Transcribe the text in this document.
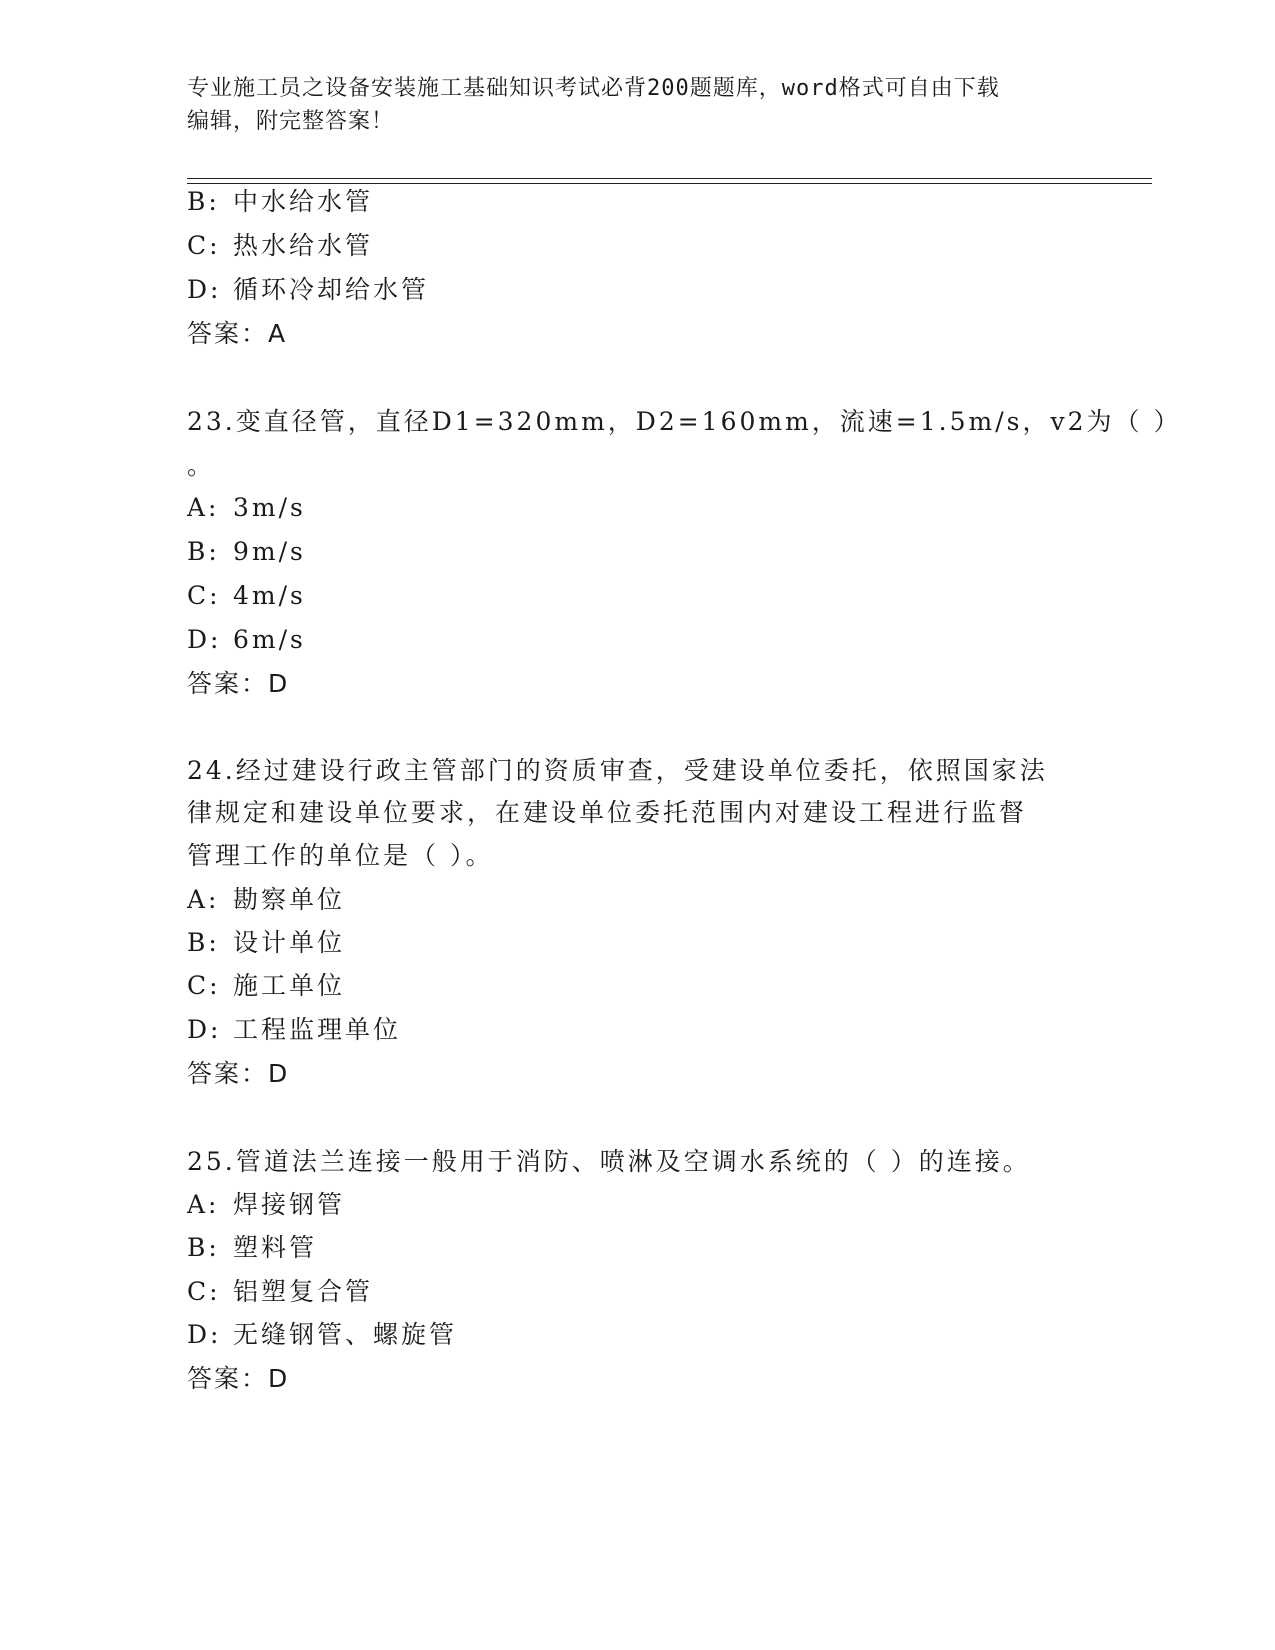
专业施工员之设备安装施工基础知识考试必背200题题库，word格式可自由下载
编辑，附完整答案！
B: 中水给水管
C: 热水给水管
D: 循环冷却给水管
答案：A
23.变直径管，直径D1=320mm，D2=160mm，流速=1.5m/s，v2为（ ）
。
A: 3m/s
B: 9m/s
C: 4m/s
D: 6m/s
答案：D
24.经过建设行政主管部门的资质审查，受建设单位委托，依照国家法
律规定和建设单位要求，在建设单位委托范围内对建设工程进行监督
管理工作的单位是（ ）。
A: 勘察单位
B: 设计单位
C: 施工单位
D: 工程监理单位
答案：D
25.管道法兰连接一般用于消防、喷淋及空调水系统的（ ）的连接。
A: 焊接钢管
B: 塑料管
C: 铝塑复合管
D: 无缝钢管、螺旋管
答案：D
